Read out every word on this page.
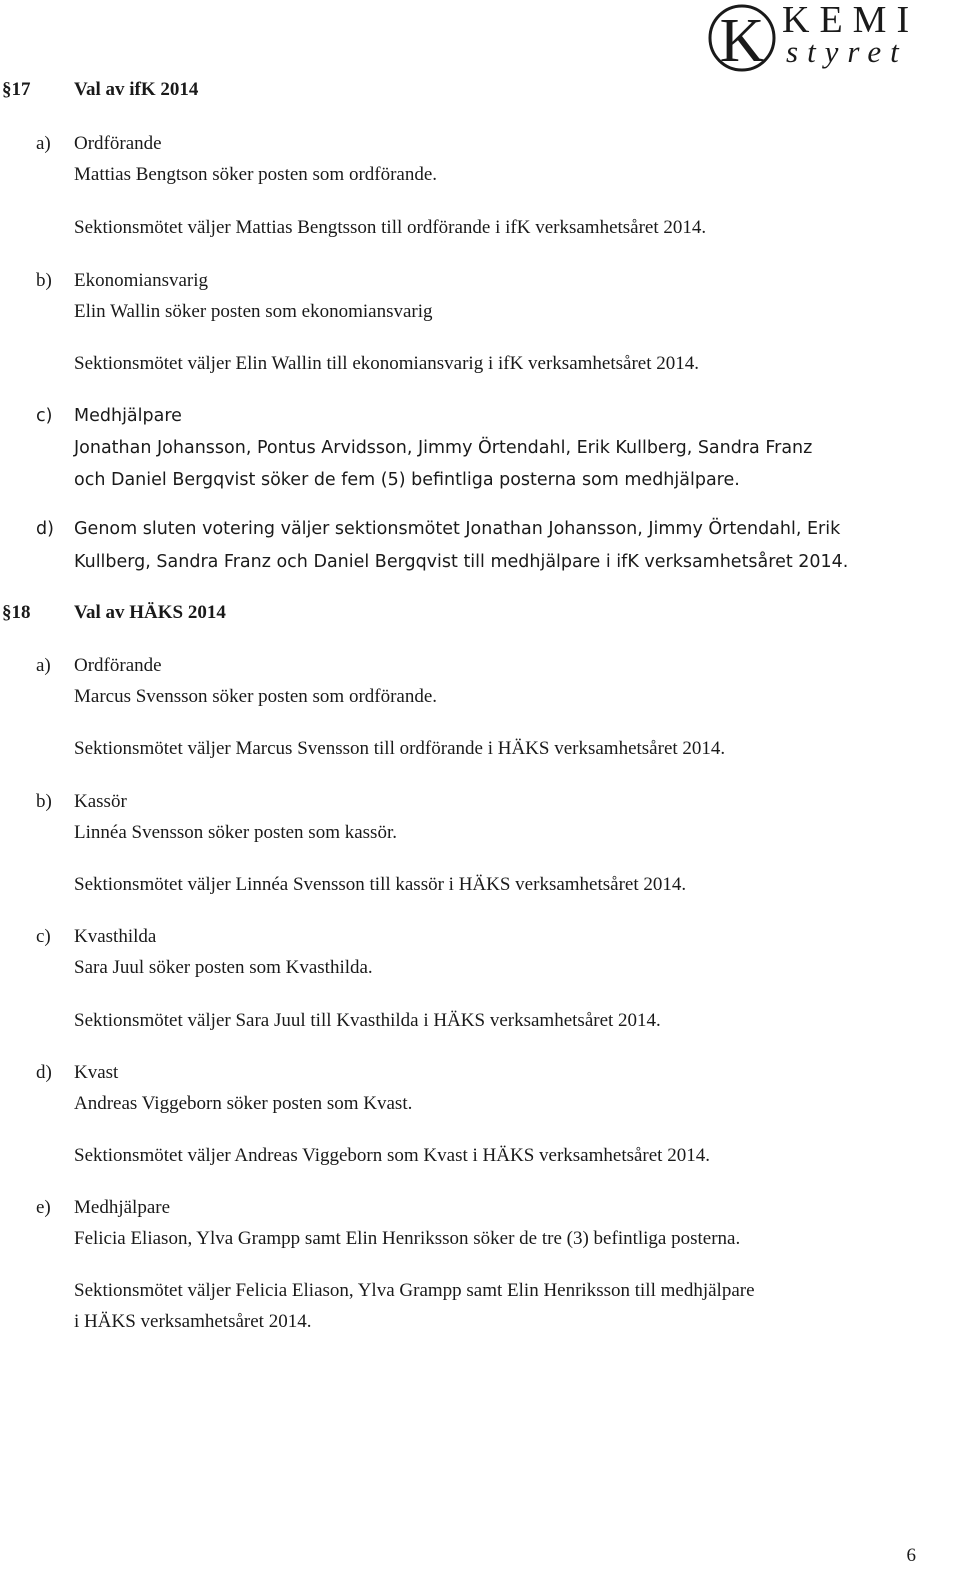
K KEMI
styret
§17 Val av ifK 2014
a) Ordförande
Mattias Bengtson söker posten som ordförande.
Sektionsmötet väljer Mattias Bengtsson till ordförande i ifK verksamhetsåret 2014.
b) Ekonomiansvarig
Elin Wallin söker posten som ekonomiansvarig
Sektionsmötet väljer Elin Wallin till ekonomiansvarig i ifK verksamhetsåret 2014.
c) Medhjälpare
Jonathan Johansson, Pontus Arvidsson, Jimmy Örtendahl, Erik Kullberg, Sandra Franz
och Daniel Bergqvist söker de fem (5) befintliga posterna som medhjälpare.
d) Genom sluten votering väljer sektionsmötet Jonathan Johansson, Jimmy Örtendahl, Erik
Kullberg, Sandra Franz och Daniel Bergqvist till medhjälpare i ifK verksamhetsåret 2014.
§18 Val av HÄKS 2014
a) Ordförande
Marcus Svensson söker posten som ordförande.
Sektionsmötet väljer Marcus Svensson till ordförande i HÄKS verksamhetsåret 2014.
b) Kassör
Linnéa Svensson söker posten som kassör.
Sektionsmötet väljer Linnéa Svensson till kassör i HÄKS verksamhetsåret 2014.
c) Kvasthilda
Sara Juul söker posten som Kvasthilda.
Sektionsmötet väljer Sara Juul till Kvasthilda i HÄKS verksamhetsåret 2014.
d) Kvast
Andreas Viggeborn söker posten som Kvast.
Sektionsmötet väljer Andreas Viggeborn som Kvast i HÄKS verksamhetsåret 2014.
e) Medhjälpare
Felicia Eliason, Ylva Grampp samt Elin Henriksson söker de tre (3) befintliga posterna.
Sektionsmötet väljer Felicia Eliason, Ylva Grampp samt Elin Henriksson till medhjälpare
i HÄKS verksamhetsåret 2014.
6
